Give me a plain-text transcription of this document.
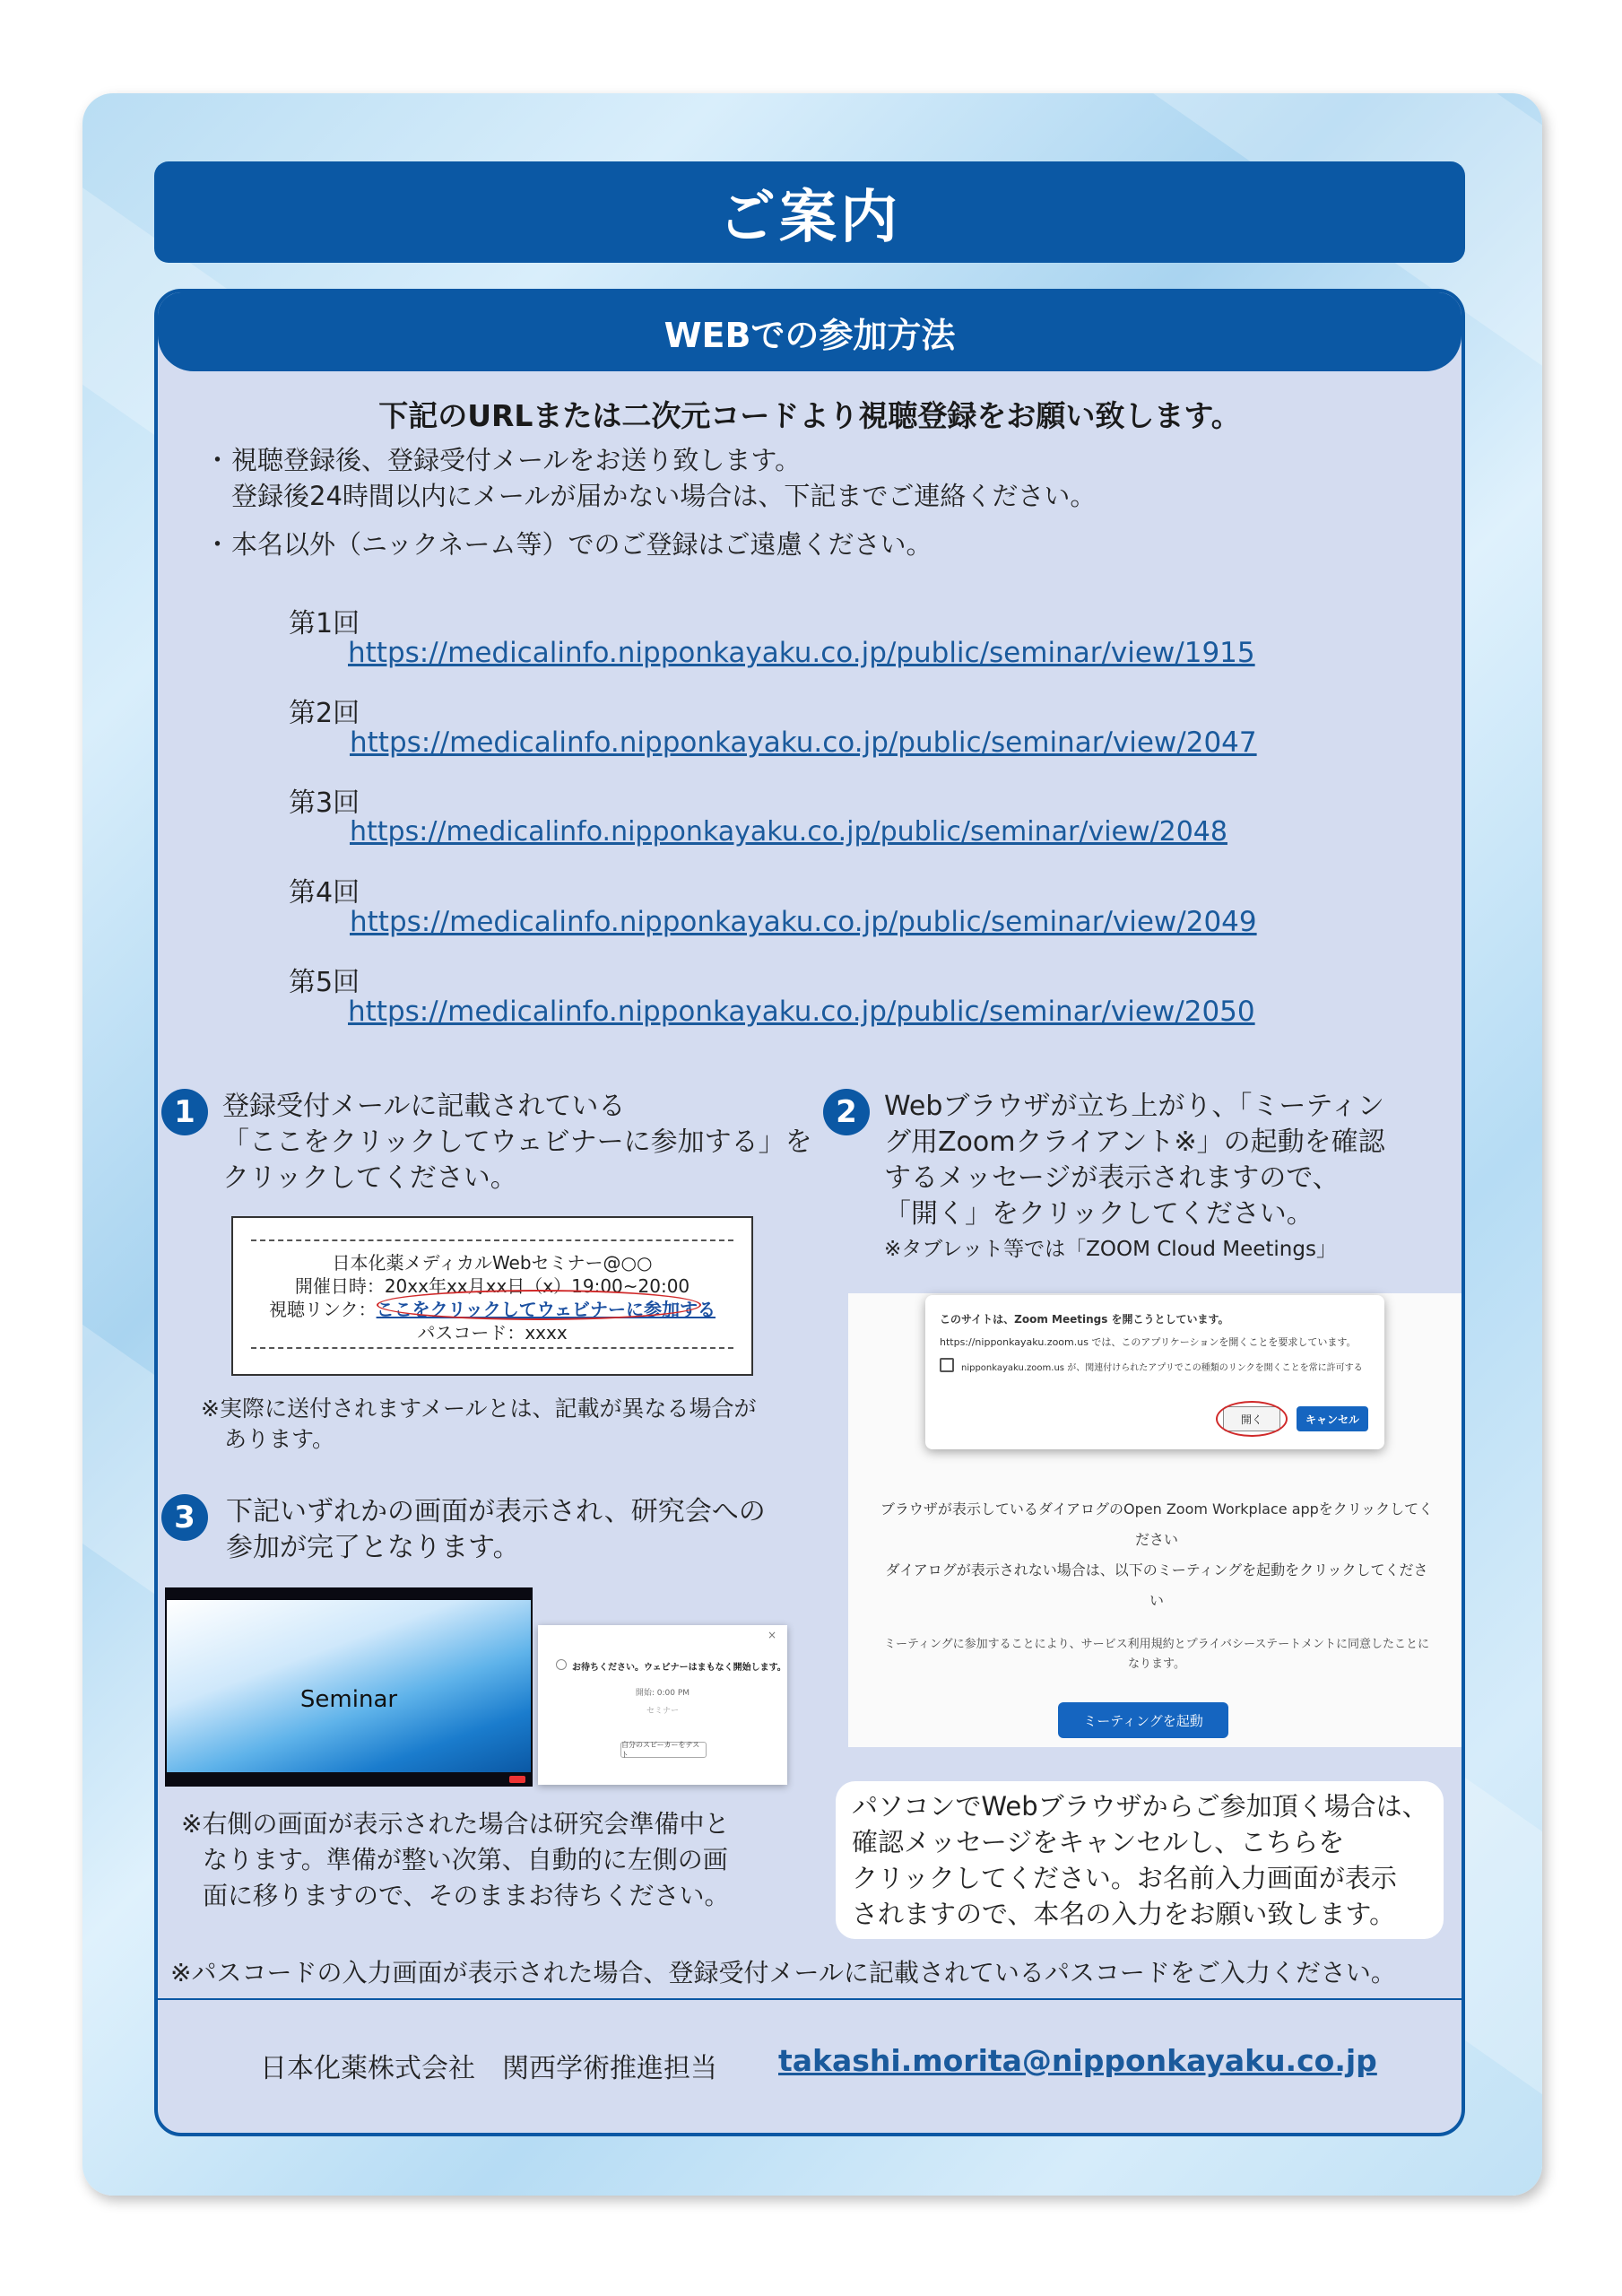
ご案内
WEBでの参加方法
下記のURLまたは二次元コードより視聴登録をお願い致します。
・ 視聴登録後、登録受付メールをお送り致します。
登録後24時間以内にメールが届かない場合は、下記までご連絡ください。
・ 本名以外（ニックネーム等）でのご登録はご遠慮ください。
第1回
https://medicalinfo.nipponkayaku.co.jp/public/seminar/view/1915
第2回
https://medicalinfo.nipponkayaku.co.jp/public/seminar/view/2047
第3回
https://medicalinfo.nipponkayaku.co.jp/public/seminar/view/2048
第4回
https://medicalinfo.nipponkayaku.co.jp/public/seminar/view/2049
第5回
https://medicalinfo.nipponkayaku.co.jp/public/seminar/view/2050
1	登録受付メールに記載されている
「ここをクリックしてウェビナーに参加する」を
クリックしてください。
日本化薬メディカルWebセミナー@○○
開催日時：20xx年xx月xx日（x）19:00~20:00
視聴リンク：ここをクリックしてウェビナーに参加する
パスコード：xxxx
※実際に送付されますメールとは、記載が異なる場合が
あります。
2	Webブラウザが立ち上がり、「ミーティン
グ用Zoomクライアント※」の起動を確認
するメッセージが表示されますので、
「開く」をクリックしてください。
※タブレット等では「ZOOM Cloud Meetings」
このサイトは、Zoom Meetings を開こうとしています。
https://nipponkayaku.zoom.us では、このアプリケーションを開くことを要求しています。
nipponkayaku.zoom.us が、関連付けられたアプリでこの種類のリンクを開くことを常に許可する
開く	キャンセル
ブラウザが表示しているダイアログのOpen Zoom Workplace appをクリックしてく
ださい
ダイアログが表示されない場合は、以下のミーティングを起動をクリックしてくださ
い
ミーティングに参加することにより、サービス利用規約とプライバシーステートメントに同意したことに
なります。
ミーティングを起動
3	下記いずれかの画面が表示され、研究会への
参加が完了となります。
Seminar
×
お待ちください。ウェビナーはまもなく開始します。
開始: 0:00 PM
セミナー
自分のスピーカーをテスト
※右側の画面が表示された場合は研究会準備中と
なります。準備が整い次第、自動的に左側の画
面に移りますので、そのままお待ちください。
パソコンでWebブラウザからご参加頂く場合は、
確認メッセージをキャンセルし、こちらを
クリックしてください。お名前入力画面が表示
されますので、本名の入力をお願い致します。
※パスコードの入力画面が表示された場合、登録受付メールに記載されているパスコードをご入力ください。
日本化薬株式会社　関西学術推進担当 takashi.morita@nipponkayaku.co.jp
